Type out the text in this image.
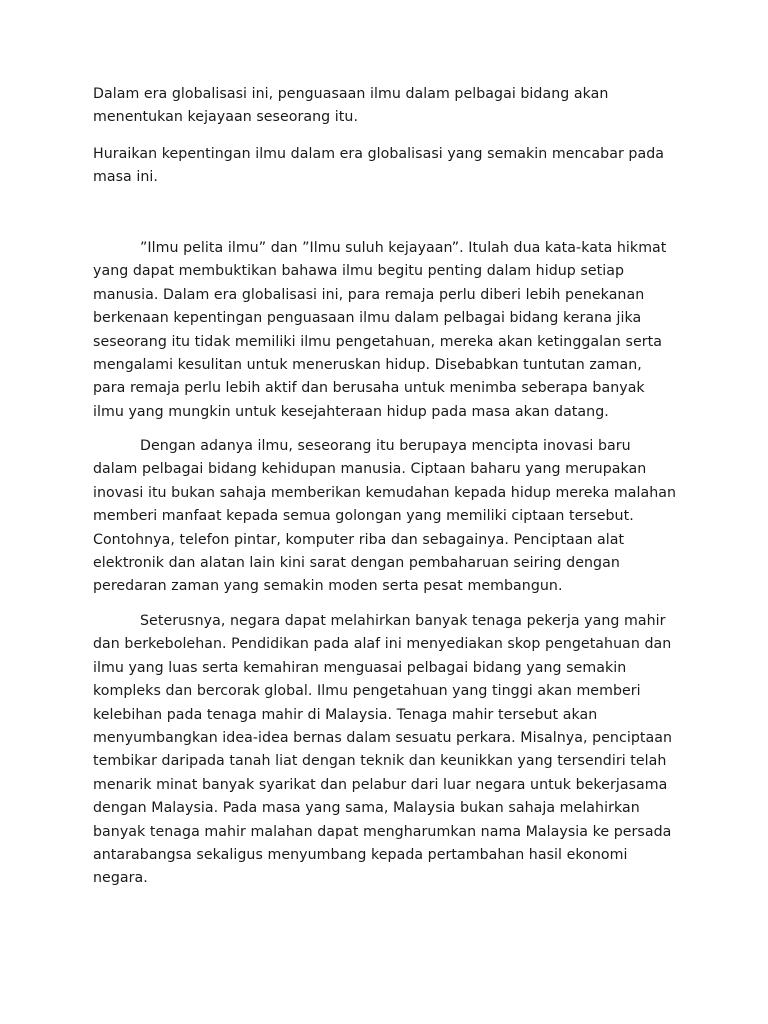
Dalam era globalisasi ini, penguasaan ilmu dalam pelbagai bidang akan
menentukan kejayaan seseorang itu.
Huraikan kepentingan ilmu dalam era globalisasi yang semakin mencabar pada
masa ini.
”Ilmu pelita ilmu” dan ”Ilmu suluh kejayaan”. Itulah dua kata-kata hikmat
yang dapat membuktikan bahawa ilmu begitu penting dalam hidup setiap
manusia. Dalam era globalisasi ini, para remaja perlu diberi lebih penekanan
berkenaan kepentingan penguasaan ilmu dalam pelbagai bidang kerana jika
seseorang itu tidak memiliki ilmu pengetahuan, mereka akan ketinggalan serta
mengalami kesulitan untuk meneruskan hidup. Disebabkan tuntutan zaman,
para remaja perlu lebih aktif dan berusaha untuk menimba seberapa banyak
ilmu yang mungkin untuk kesejahteraan hidup pada masa akan datang.
Dengan adanya ilmu, seseorang itu berupaya mencipta inovasi baru
dalam pelbagai bidang kehidupan manusia. Ciptaan baharu yang merupakan
inovasi itu bukan sahaja memberikan kemudahan kepada hidup mereka malahan
memberi manfaat kepada semua golongan yang memiliki ciptaan tersebut.
Contohnya, telefon pintar, komputer riba dan sebagainya. Penciptaan alat
elektronik dan alatan lain kini sarat dengan pembaharuan seiring dengan
peredaran zaman yang semakin moden serta pesat membangun.
Seterusnya, negara dapat melahirkan banyak tenaga pekerja yang mahir
dan berkebolehan. Pendidikan pada alaf ini menyediakan skop pengetahuan dan
ilmu yang luas serta kemahiran menguasai pelbagai bidang yang semakin
kompleks dan bercorak global. Ilmu pengetahuan yang tinggi akan memberi
kelebihan pada tenaga mahir di Malaysia. Tenaga mahir tersebut akan
menyumbangkan idea-idea bernas dalam sesuatu perkara. Misalnya, penciptaan
tembikar daripada tanah liat dengan teknik dan keunikkan yang tersendiri telah
menarik minat banyak syarikat dan pelabur dari luar negara untuk bekerjasama
dengan Malaysia. Pada masa yang sama, Malaysia bukan sahaja melahirkan
banyak tenaga mahir malahan dapat mengharumkan nama Malaysia ke persada
antarabangsa sekaligus menyumbang kepada pertambahan hasil ekonomi
negara.
